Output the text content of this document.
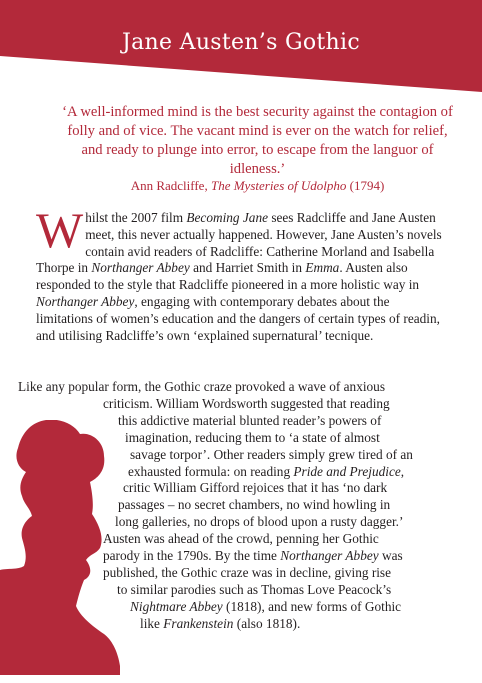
Jane Austen’s Gothic
‘A well-informed mind is the best security against the contagion of folly and of vice. The vacant mind is ever on the watch for relief, and ready to plunge into error, to escape from the languor of idleness.’
Ann Radcliffe, The Mysteries of Udolpho (1794)
W hilst the 2007 film Becoming Jane sees Radcliffe and Jane Austen meet, this never actually happened. However, Jane Austen’s novels contain avid readers of Radcliffe: Catherine Morland and Isabella Thorpe in Northanger Abbey and Harriet Smith in Emma. Austen also responded to the style that Radcliffe pioneered in a more holistic way in Northanger Abbey, engaging with contemporary debates about the limitations of women’s education and the dangers of certain types of readin, and utilising Radcliffe’s own ‘explained supernatural’ tecnique.
Like any popular form, the Gothic craze provoked a wave of anxious
criticism. William Wordsworth suggested that reading
this addictive material blunted reader’s powers of
imagination, reducing them to ‘a state of almost
savage torpor’. Other readers simply grew tired of an
exhausted formula: on reading Pride and Prejudice,
critic William Gifford rejoices that it has ‘no dark
passages – no secret chambers, no wind howling in
long galleries, no drops of blood upon a rusty dagger.’
Austen was ahead of the crowd, penning her Gothic
parody in the 1790s. By the time Northanger Abbey was
published, the Gothic craze was in decline, giving rise
to similar parodies such as Thomas Love Peacock’s
Nightmare Abbey (1818), and new forms of Gothic
like Frankenstein (also 1818).
